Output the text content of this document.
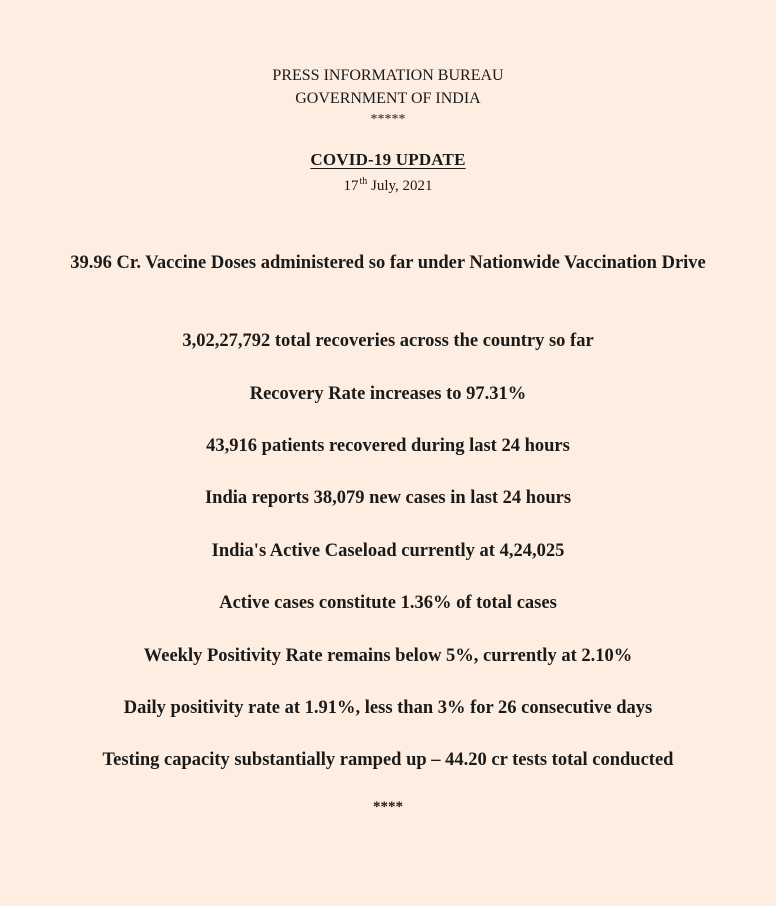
PRESS INFORMATION BUREAU
GOVERNMENT OF INDIA
*****
COVID-19 UPDATE
17th July, 2021
39.96 Cr. Vaccine Doses administered so far under Nationwide Vaccination Drive
3,02,27,792 total recoveries across the country so far
Recovery Rate increases to 97.31%
43,916 patients recovered during last 24 hours
India reports 38,079 new cases in last 24 hours
India's Active Caseload currently at 4,24,025
Active cases constitute 1.36% of total cases
Weekly Positivity Rate remains below 5%, currently at 2.10%
Daily positivity rate at 1.91%, less than 3% for 26 consecutive days
Testing capacity substantially ramped up – 44.20 cr tests total conducted
****
